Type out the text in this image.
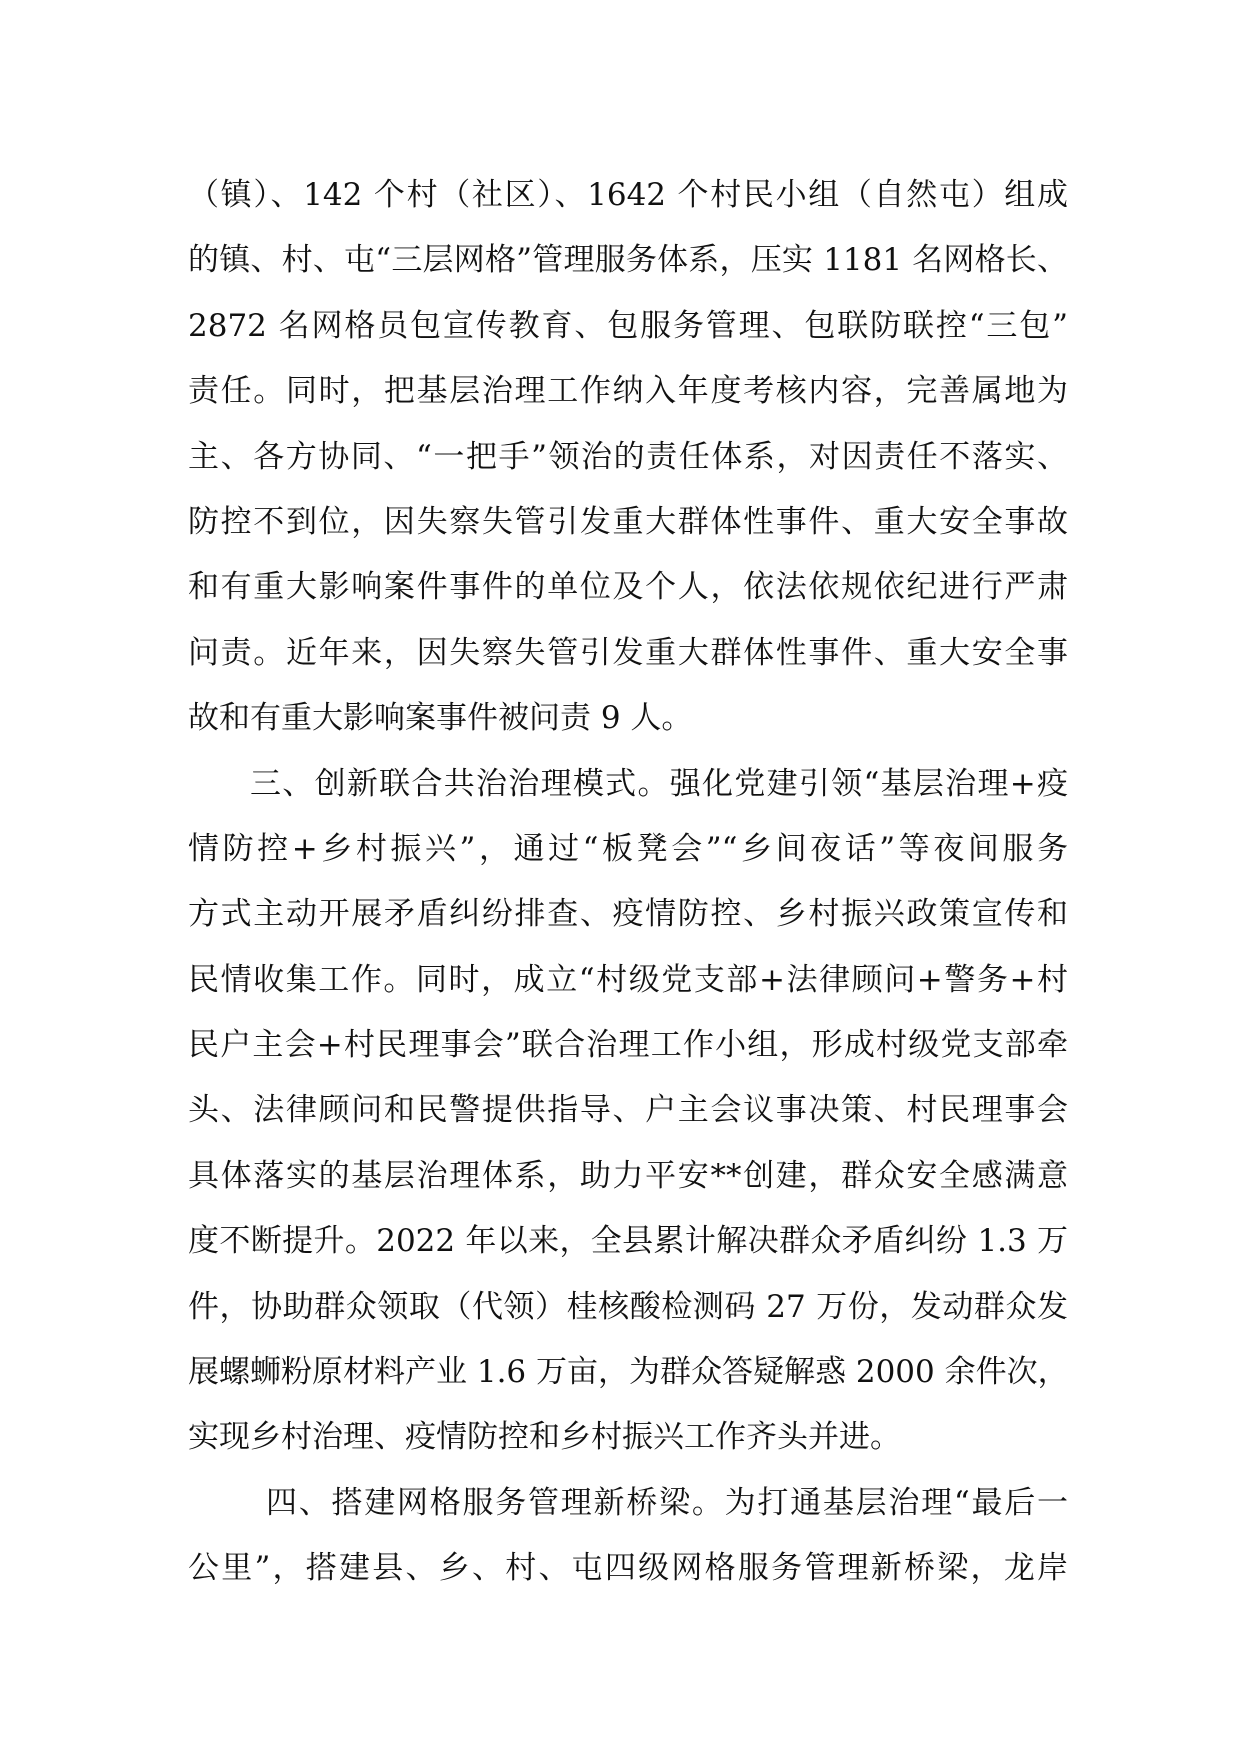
（镇）、142 个村（社区）、1642 个村民小组（自然屯）组成
的镇、村、屯“三层网格”管理服务体系，压实 1181 名网格长、
2872 名网格员包宣传教育、包服务管理、包联防联控“三包”
责任。同时，把基层治理工作纳入年度考核内容，完善属地为
主、各方协同、“一把手”领治的责任体系，对因责任不落实、
防控不到位，因失察失管引发重大群体性事件、重大安全事故
和有重大影响案件事件的单位及个人，依法依规依纪进行严肃
问责。近年来，因失察失管引发重大群体性事件、重大安全事
故和有重大影响案事件被问责 9 人。
三、创新联合共治治理模式。强化党建引领“基层治理+疫
情防控+乡村振兴”，通过“板凳会”“乡间夜话”等夜间服务
方式主动开展矛盾纠纷排查、疫情防控、乡村振兴政策宣传和
民情收集工作。同时，成立“村级党支部+法律顾问+警务+村
民户主会+村民理事会”联合治理工作小组，形成村级党支部牵
头、法律顾问和民警提供指导、户主会议事决策、村民理事会
具体落实的基层治理体系，助力平安**创建，群众安全感满意
度不断提升。2022 年以来，全县累计解决群众矛盾纠纷 1.3 万
件，协助群众领取（代领）桂核酸检测码 27 万份，发动群众发
展螺蛳粉原材料产业 1.6 万亩，为群众答疑解惑 2000 余件次，
实现乡村治理、疫情防控和乡村振兴工作齐头并进。
四、搭建网格服务管理新桥梁。为打通基层治理“最后一
公里”，搭建县、乡、村、屯四级网格服务管理新桥梁，龙岸
